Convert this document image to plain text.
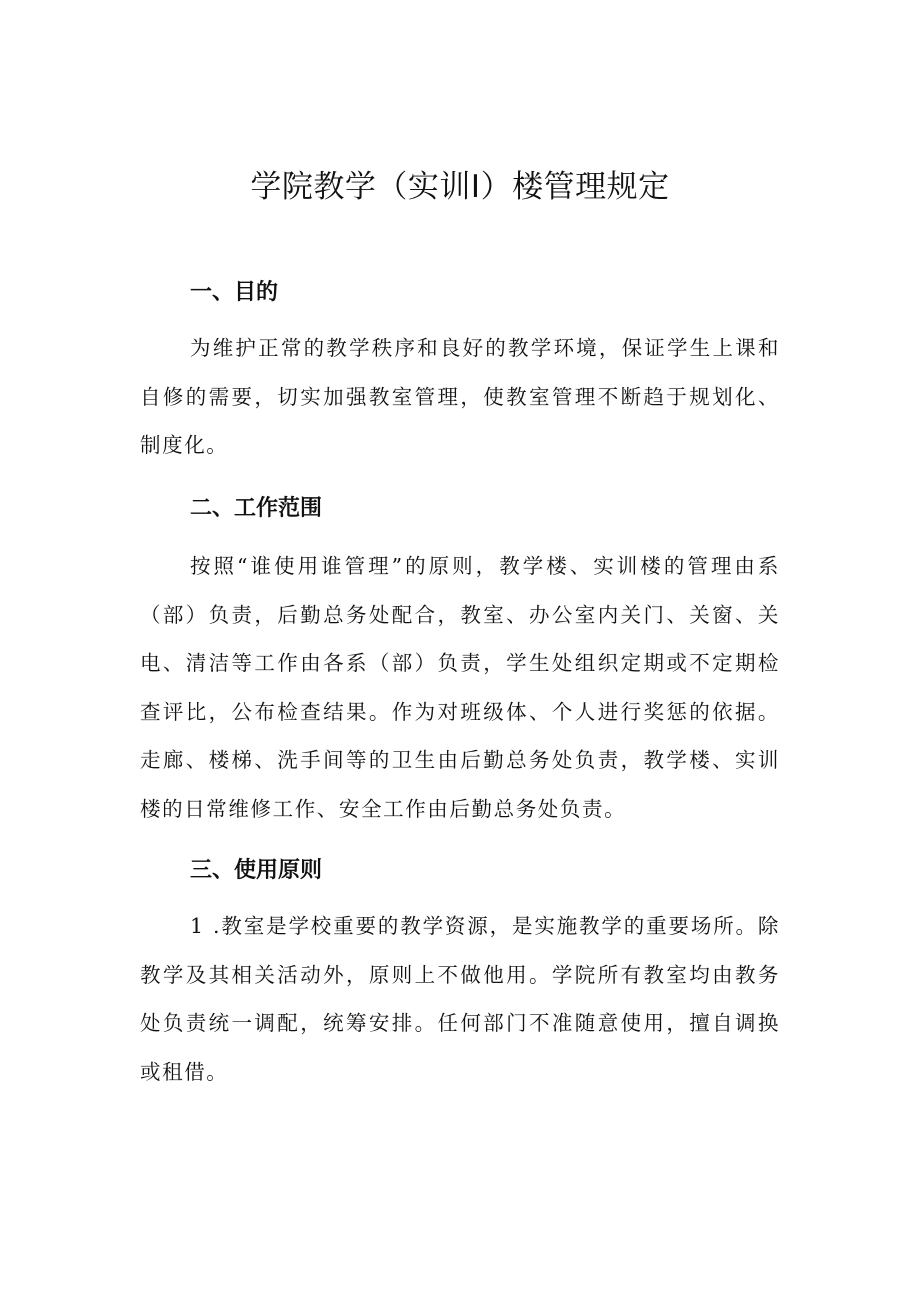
学院教学（实训I）楼管理规定
一、目的

为维护正常的教学秩序和良好的教学环境，保证学生上课和自修的需要，切实加强教室管理，使教室管理不断趋于规划化、制度化。

二、工作范围

按照“谁使用谁管理”的原则，教学楼、实训楼的管理由系（部）负责，后勤总务处配合，教室、办公室内关门、关窗、关电、清洁等工作由各系（部）负责，学生处组织定期或不定期检查评比，公布检查结果。作为对班级体、个人进行奖惩的依据。走廊、楼梯、洗手间等的卫生由后勤总务处负责，教学楼、实训楼的日常维修工作、安全工作由后勤总务处负责。

三、使用原则

1 .教室是学校重要的教学资源，是实施教学的重要场所。除教学及其相关活动外，原则上不做他用。学院所有教室均由教务处负责统一调配，统筹安排。任何部门不准随意使用，擅自调换或租借。
